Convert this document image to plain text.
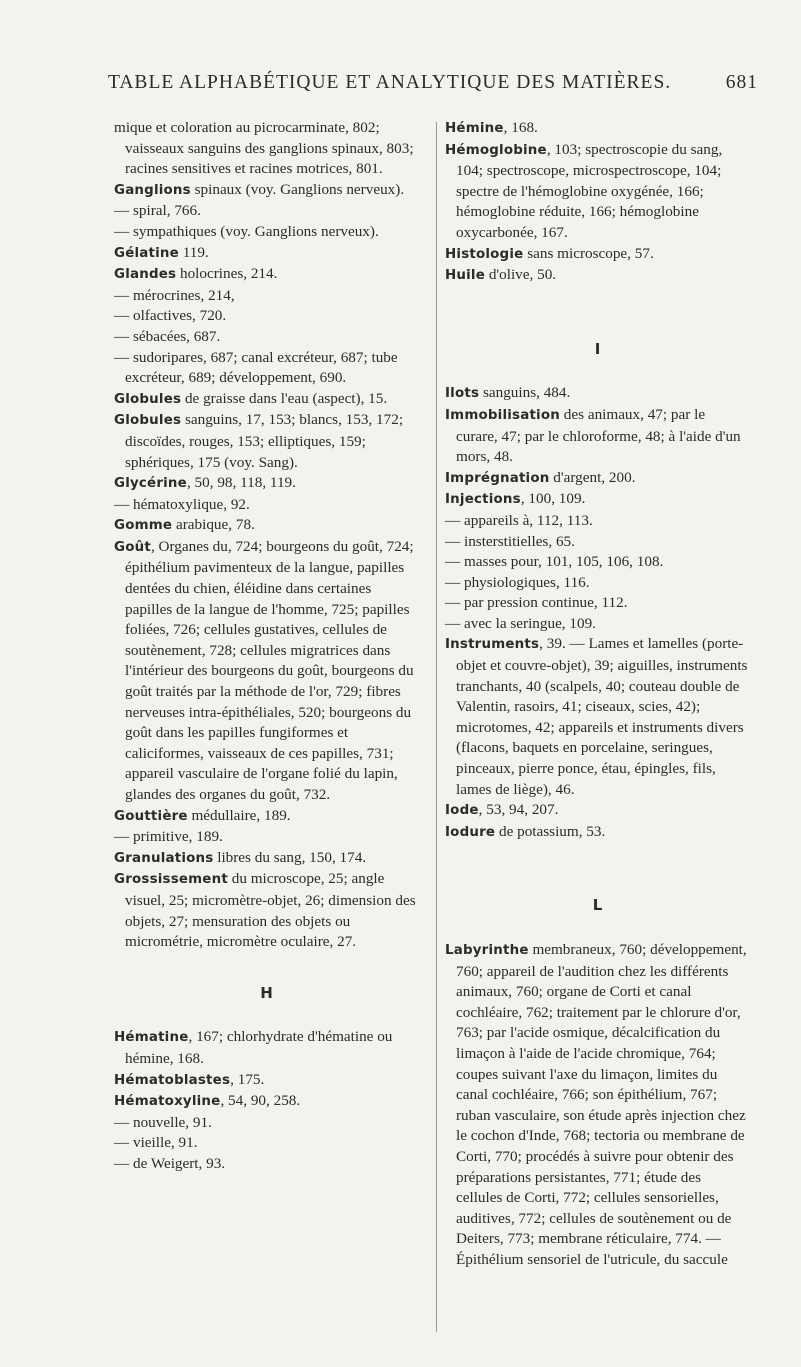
TABLE ALPHABÉTIQUE ET ANALYTIQUE DES MATIÈRES.	681

mique et coloration au picrocarminate, 802; vaisseaux sanguins des ganglions spinaux, 803; racines sensitives et racines motrices, 801.

Ganglions spinaux (voy. Ganglions nerveux).

— spiral, 766.

— sympathiques (voy. Ganglions nerveux).

Gélatine 119.

Glandes holocrines, 214.

— mérocrines, 214,

— olfactives, 720.

— sébacées, 687.

— sudoripares, 687; canal excréteur, 687; tube excréteur, 689; développement, 690.

Globules de graisse dans l'eau (aspect), 15.

Globules sanguins, 17, 153; blancs, 153, 172; discoïdes, rouges, 153; elliptiques, 159; sphériques, 175 (voy. Sang).

Glycérine, 50, 98, 118, 119.

— hématoxylique, 92.

Gomme arabique, 78.

Goût, Organes du, 724; bourgeons du goût, 724; épithélium pavimenteux de la langue, papilles dentées du chien, éléidine dans certaines papilles de la langue de l'homme, 725; papilles foliées, 726; cellules gustatives, cellules de soutènement, 728; cellules migratrices dans l'intérieur des bourgeons du goût, bourgeons du goût traités par la méthode de l'or, 729; fibres nerveuses intra-épithéliales, 520; bourgeons du goût dans les papilles fungiformes et caliciformes, vaisseaux de ces papilles, 731; appareil vasculaire de l'organe folié du lapin, glandes des organes du goût, 732.

Gouttière médullaire, 189.

— primitive, 189.

Granulations libres du sang, 150, 174.

Grossissement du microscope, 25; angle visuel, 25; micromètre-objet, 26; dimension des objets, 27; mensuration des objets ou micrométrie, micromètre oculaire, 27.

H

Hématine, 167; chlorhydrate d'hématine ou hémine, 168.

Hématoblastes, 175.

Hématoxyline, 54, 90, 258.

— nouvelle, 91.

— vieille, 91.

— de Weigert, 93.

Hémine, 168.

Hémoglobine, 103; spectroscopie du sang, 104; spectroscope, microspectroscope, 104; spectre de l'hémoglobine oxygénée, 166; hémoglobine réduite, 166; hémoglobine oxycarbonée, 167.

Histologie sans microscope, 57.

Huile d'olive, 50.

I

Ilots sanguins, 484.

Immobilisation des animaux, 47; par le curare, 47; par le chloroforme, 48; à l'aide d'un mors, 48.

Imprégnation d'argent, 200.

Injections, 100, 109.

— appareils à, 112, 113.

— insterstitielles, 65.

— masses pour, 101, 105, 106, 108.

— physiologiques, 116.

— par pression continue, 112.

— avec la seringue, 109.

Instruments, 39. — Lames et lamelles (porte-objet et couvre-objet), 39; aiguilles, instruments tranchants, 40 (scalpels, 40; couteau double de Valentin, rasoirs, 41; ciseaux, scies, 42); microtomes, 42; appareils et instruments divers (flacons, baquets en porcelaine, seringues, pinceaux, pierre ponce, étau, épingles, fils, lames de liège), 46.

Iode, 53, 94, 207.

Iodure de potassium, 53.

L

Labyrinthe membraneux, 760; développement, 760; appareil de l'audition chez les différents animaux, 760; organe de Corti et canal cochléaire, 762; traitement par le chlorure d'or, 763; par l'acide osmique, décalcification du limaçon à l'aide de l'acide chromique, 764; coupes suivant l'axe du limaçon, limites du canal cochléaire, 766; son épithélium, 767; ruban vasculaire, son étude après injection chez le cochon d'Inde, 768; tectoria ou membrane de Corti, 770; procédés à suivre pour obtenir des préparations persistantes, 771; étude des cellules de Corti, 772; cellules sensorielles, auditives, 772; cellules de soutènement ou de Deiters, 773; membrane réticulaire, 774. — Épithélium sensoriel de l'utricule, du saccule
